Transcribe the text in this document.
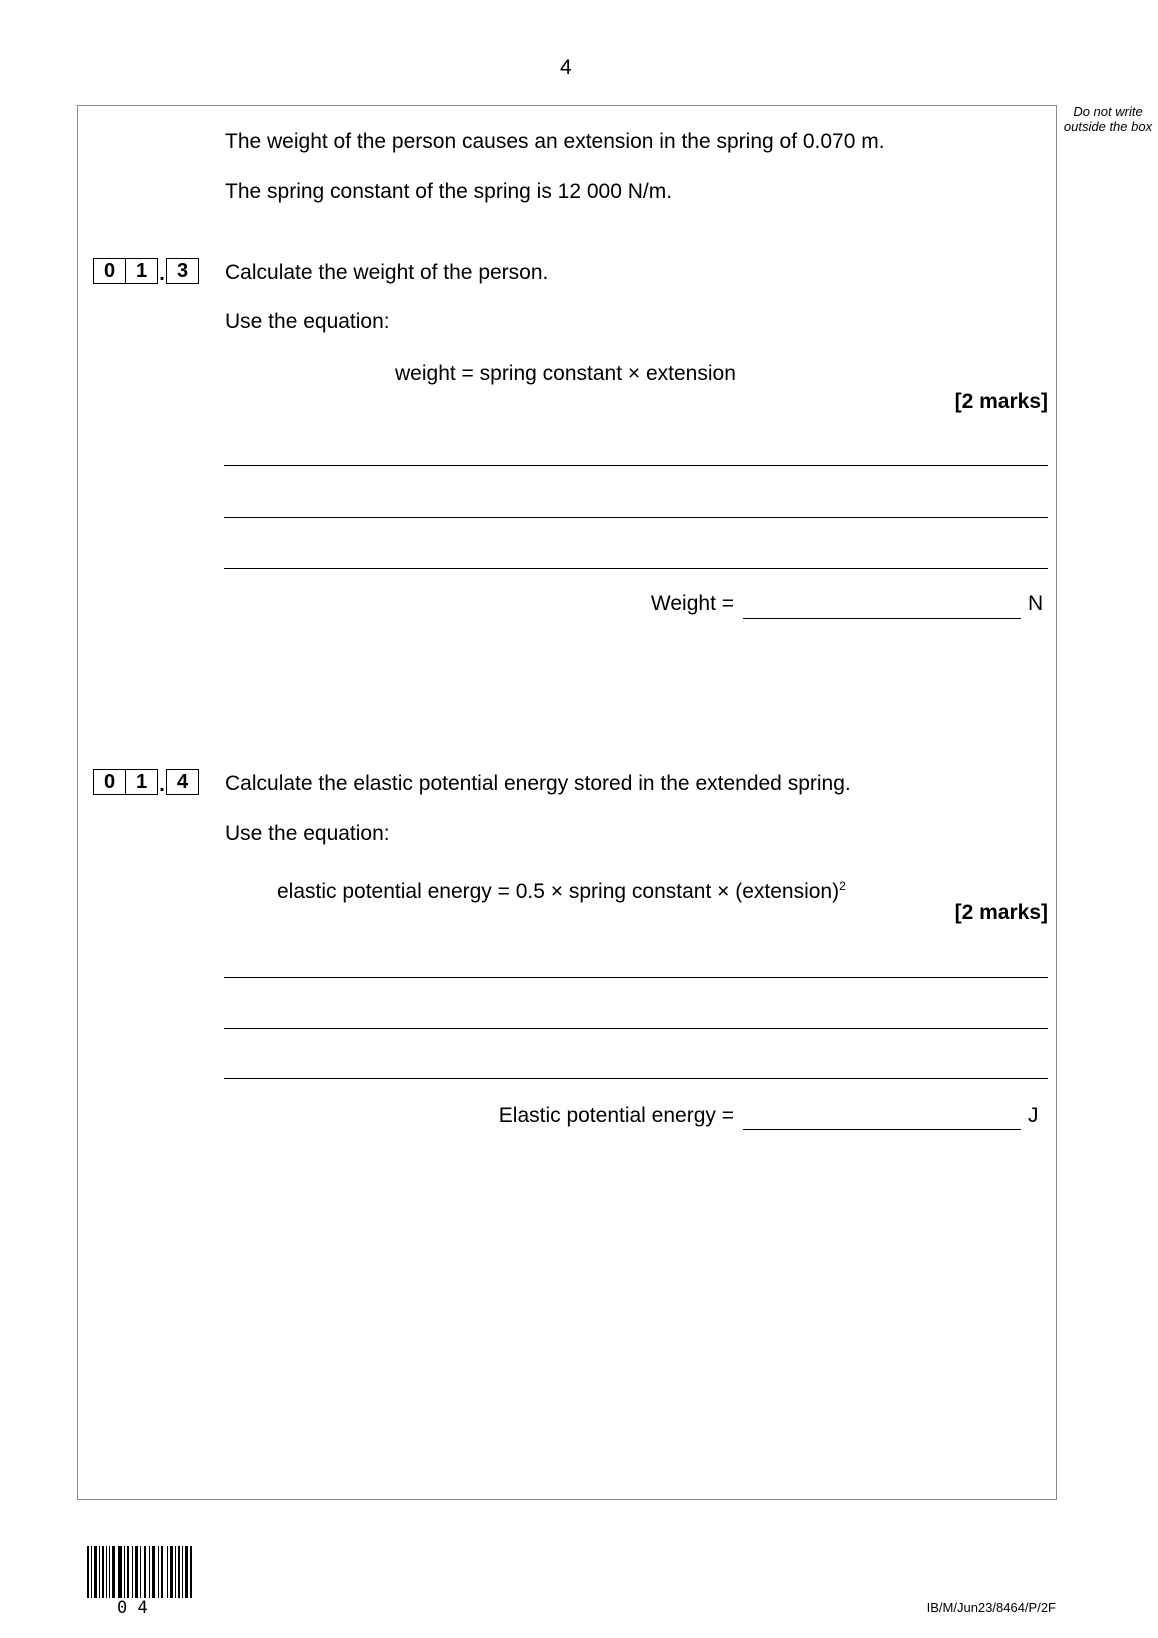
4
Do not write outside the box
The weight of the person causes an extension in the spring of 0.070 m.
The spring constant of the spring is 12 000 N/m.
0	1 . 3	Calculate the weight of the person.
Use the equation:
weight = spring constant × extension
[2 marks]
Weight =	N
0	1 . 4	Calculate the elastic potential energy stored in the extended spring.
Use the equation:
elastic potential energy = 0.5 × spring constant × (extension)$^2$
[2 marks]
Elastic potential energy =	J
0 4	IB/M/Jun23/8464/P/2F
